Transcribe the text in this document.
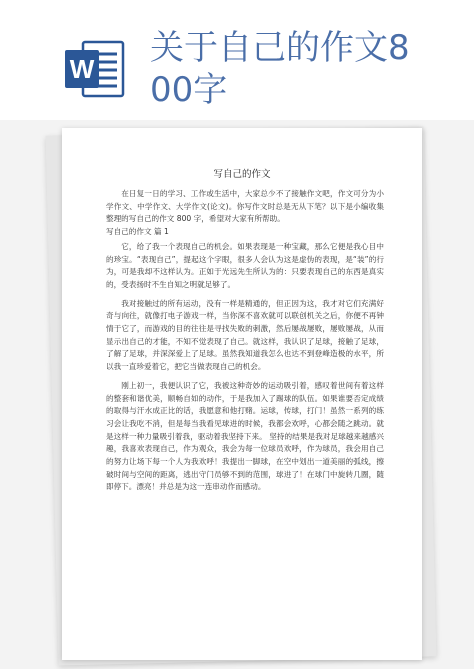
W
关于自己的作文8
00字
写自己的作文

在日复一日的学习、工作或生活中，大家总少不了接触作文吧，作文可分为小学作文、中学作文、大学作文(论文)。你写作文时总是无从下笔？以下是小编收集整理的写自己的作文 800 字，希望对大家有所帮助。

写自己的作文 篇 1

它，给了我一个表现自己的机会。如果表现是一种宝藏，那么它便是我心目中的珍宝。“表现自己”，提起这个字眼，很多人会认为这是虚伪的表现，是“装”的行为，可是我却不这样认为。正如于光远先生所认为的：只要表现自己的东西是真实的，受表扬时不生自知之明就足够了。

我对接触过的所有运动，没有一样是精通的，但正因为这，我才对它们充满好奇与向往，就像打电子游戏一样，当你深不喜欢就可以联创机关之后，你便不再钟情于它了，而游戏的目的往往是寻找失败的刺激，然后屡战屡败，屡败屡战，从而显示出自己的才能，不知不觉表现了自己。就这样，我认识了足球，接触了足球，了解了足球，并深深爱上了足球。虽然我知道我怎么也达不到登峰造极的水平，所以我一直珍爱着它，把它当做表现自己的机会。

刚上初一，我便认识了它，我被这种奇妙的运动吸引着，感叹着世间有着这样的整套和谐优美，顺畅自如的动作，于是我加入了踢球的队伍。如果谁要否定成绩的取得与汗水成正比的话，我愿意和他打赌。运球，传球，打门！虽然一系列的练习会让我吃不消，但是每当我看见球进的时候，我都会欢呼，心都会随之跳动。就是这样一种力量吸引着我，驱动着我坚持下来。 坚持的结果是我对足球越来越感兴趣，我喜欢表现自己，作为观众，我会为每一位球员欢呼，作为球员，我会用自己的努力让场下每一个人为我欢呼！我提出一脚球，在空中划出一道美丽的弧线，擦破时间与空间的距离，逃出守门员够不到的范围，球进了！在球门中旋转几圈，随即停下。漂亮！并总是为这一连串动作而感动。
